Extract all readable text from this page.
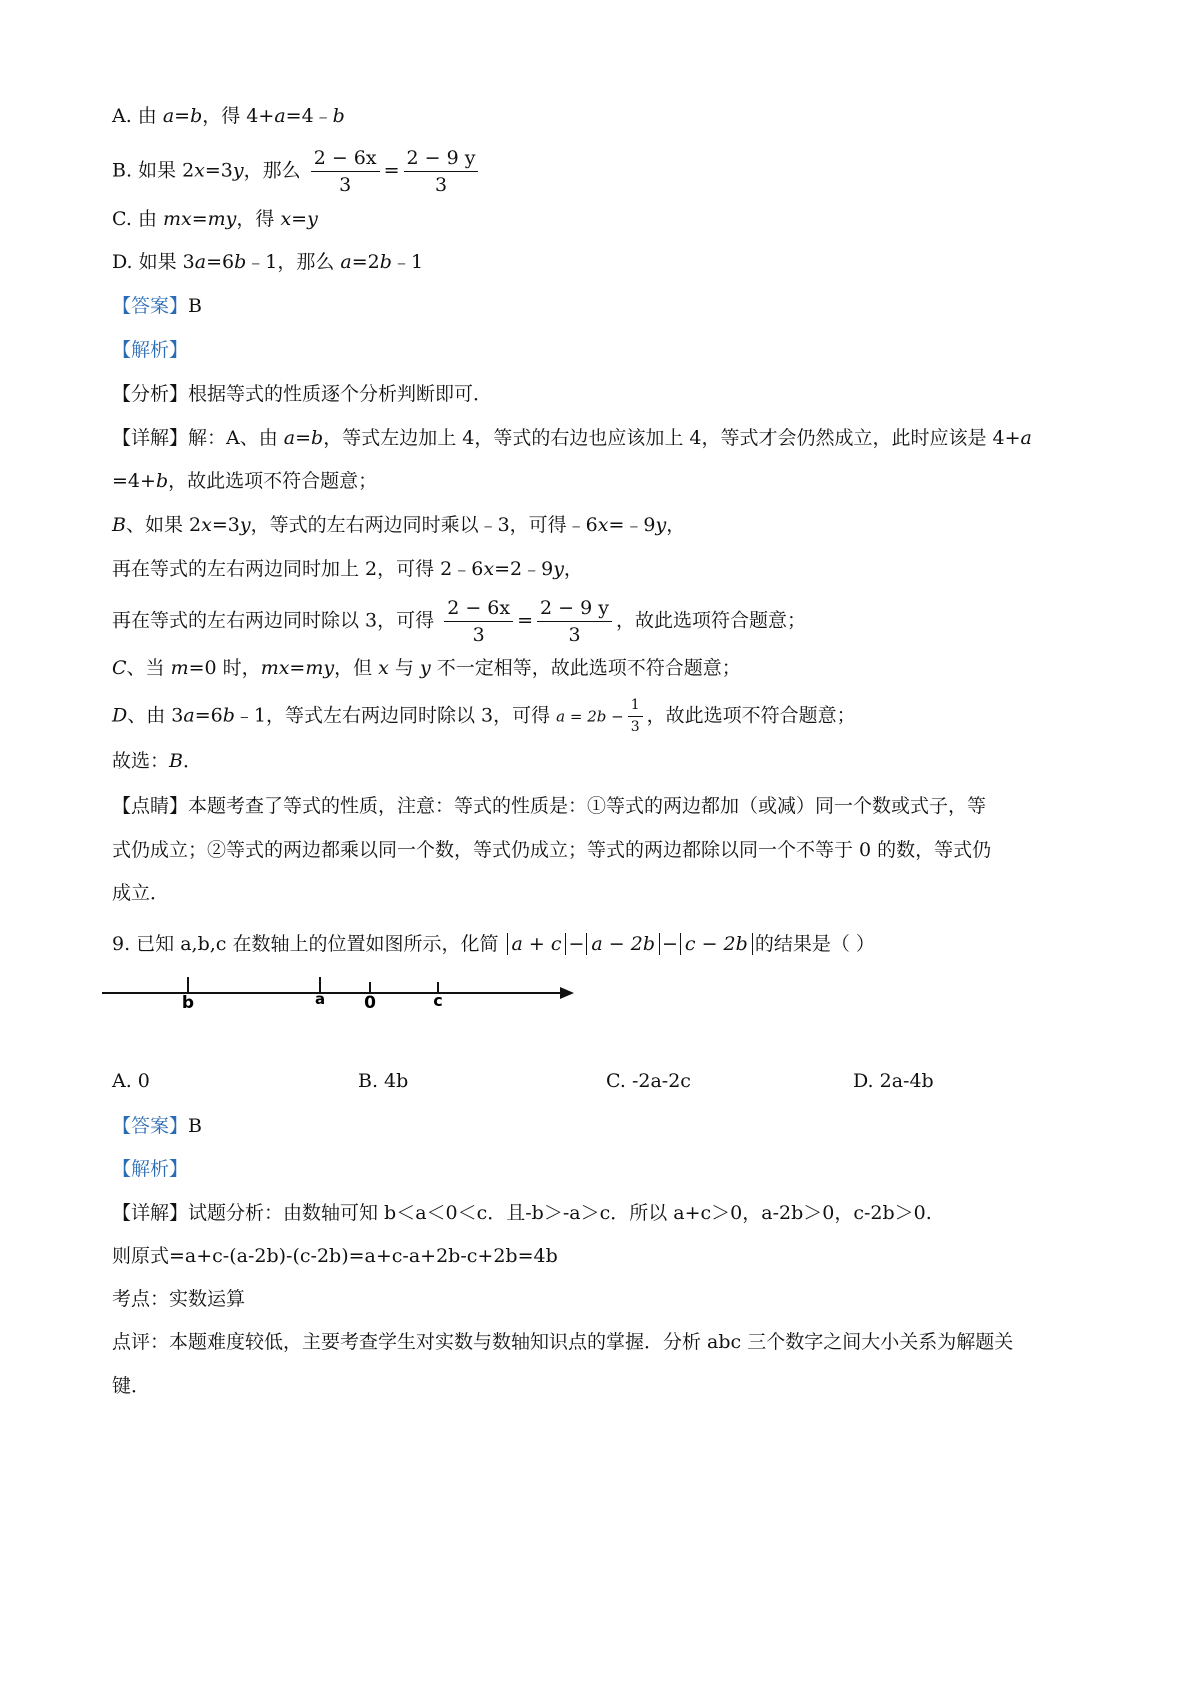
A. 由 a=b，得 4+a=4﹣b
B. 如果 2x=3y，那么 $\frac{2 - 6x}{3} = \frac{2 - 9 y}{3}$
C. 由 mx=my，得 x=y
D. 如果 3a=6b﹣1，那么 a=2b﹣1
【答案】B
【解析】
【分析】根据等式的性质逐个分析判断即可．
【详解】解：A、由 a=b，等式左边加上 4，等式的右边也应该加上 4，等式才会仍然成立，此时应该是 4+a
=4+b，故此选项不符合题意；
B、如果 2x=3y，等式的左右两边同时乘以﹣3，可得﹣6x=﹣9y，
再在等式的左右两边同时加上 2，可得 2﹣6x=2﹣9y，
再在等式的左右两边同时除以 3，可得 $\frac{2 - 6x}{3} = \frac{2 - 9 y}{3}$ ，故此选项符合题意；
C、当 m=0 时，mx=my，但 x 与 y 不一定相等，故此选项不符合题意；
D、由 3a=6b﹣1，等式左右两边同时除以 3，可得 $a = 2b - \frac{1}{3}$ ，故此选项不符合题意；
故选：B．
【点睛】本题考查了等式的性质，注意：等式的性质是：①等式的两边都加（或减）同一个数或式子，等
式仍成立；②等式的两边都乘以同一个数，等式仍成立；等式的两边都除以同一个不等于 0 的数，等式仍
成立．
9. 已知 a,b,c 在数轴上的位置如图所示，化简 a + c − a − 2b − c − 2b 的结果是（ ）
b	a 0	c
A. 0	B. 4b	C. -2a-2c	D. 2a-4b
【答案】B
【解析】
【详解】试题分析：由数轴可知 b＜a＜0＜c．且-b＞-a＞c．所以 a+c＞0，a-2b＞0，c-2b＞0.
则原式=a+c-(a-2b)-(c-2b)=a+c-a+2b-c+2b=4b
考点：实数运算
点评：本题难度较低，主要考查学生对实数与数轴知识点的掌握．分析 abc 三个数字之间大小关系为解题关
键．
